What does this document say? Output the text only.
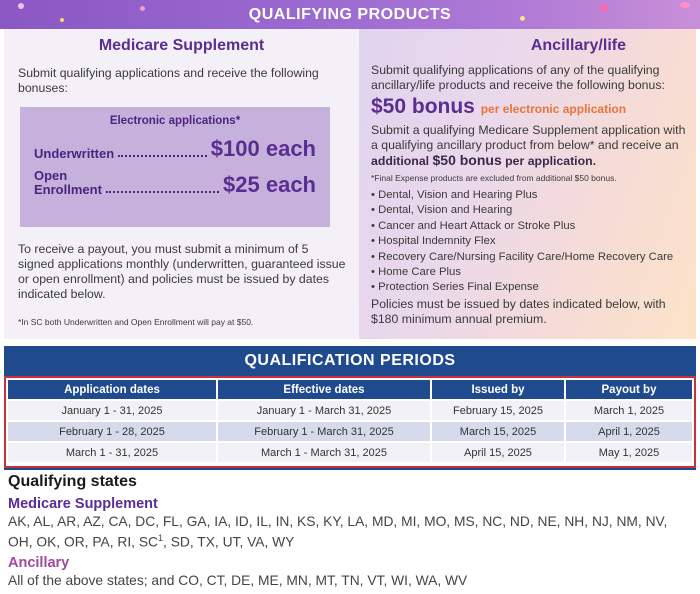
QUALIFYING PRODUCTS
Medicare Supplement
Submit qualifying applications and receive the following bonuses:
Electronic applications*
Underwritten	$100 each
Open
Enrollment	$25 each
To receive a payout, you must submit a minimum of 5 signed applications monthly (underwritten, guaranteed issue or open enrollment) and policies must be issued by dates indicated below.
*In SC both Underwritten and Open Enrollment will pay at $50.
Ancillary/life
Submit qualifying applications of any of the qualifying ancillary/life products and receive the following bonus:
$50 bonus per electronic application
Submit a qualifying Medicare Supplement application with a qualifying ancillary product from below* and receive an additional $50 bonus per application.
*Final Expense products are excluded from additional $50 bonus.
• Dental, Vision and Hearing Plus
• Dental, Vision and Hearing
• Cancer and Heart Attack or Stroke Plus
• Hospital Indemnity Flex
• Recovery Care/Nursing Facility Care/Home Recovery Care
• Home Care Plus
• Protection Series Final Expense
Policies must be issued by dates indicated below, with $180 minimum annual premium.
QUALIFICATION PERIODS
Application dates	Effective dates	Issued by	Payout by
January 1 - 31, 2025	January 1 - March 31, 2025	February 15, 2025	March 1, 2025
February 1 - 28, 2025	February 1 - March 31, 2025	March 15, 2025	April 1, 2025
March 1 - 31, 2025	March 1 - March 31, 2025	April 15, 2025	May 1, 2025
Qualifying states
Medicare Supplement

AK, AL, AR, AZ, CA, DC, FL, GA, IA, ID, IL, IN, KS, KY, LA, MD, MI, MO, MS, NC, ND, NE, NH, NJ, NM, NV,
OH, OK, OR, PA, RI, $SC^1$, SD, TX, UT, VA, WY

Ancillary

All of the above states; and CO, CT, DE, ME, MN, MT, TN, VT, WI, WA, WV
